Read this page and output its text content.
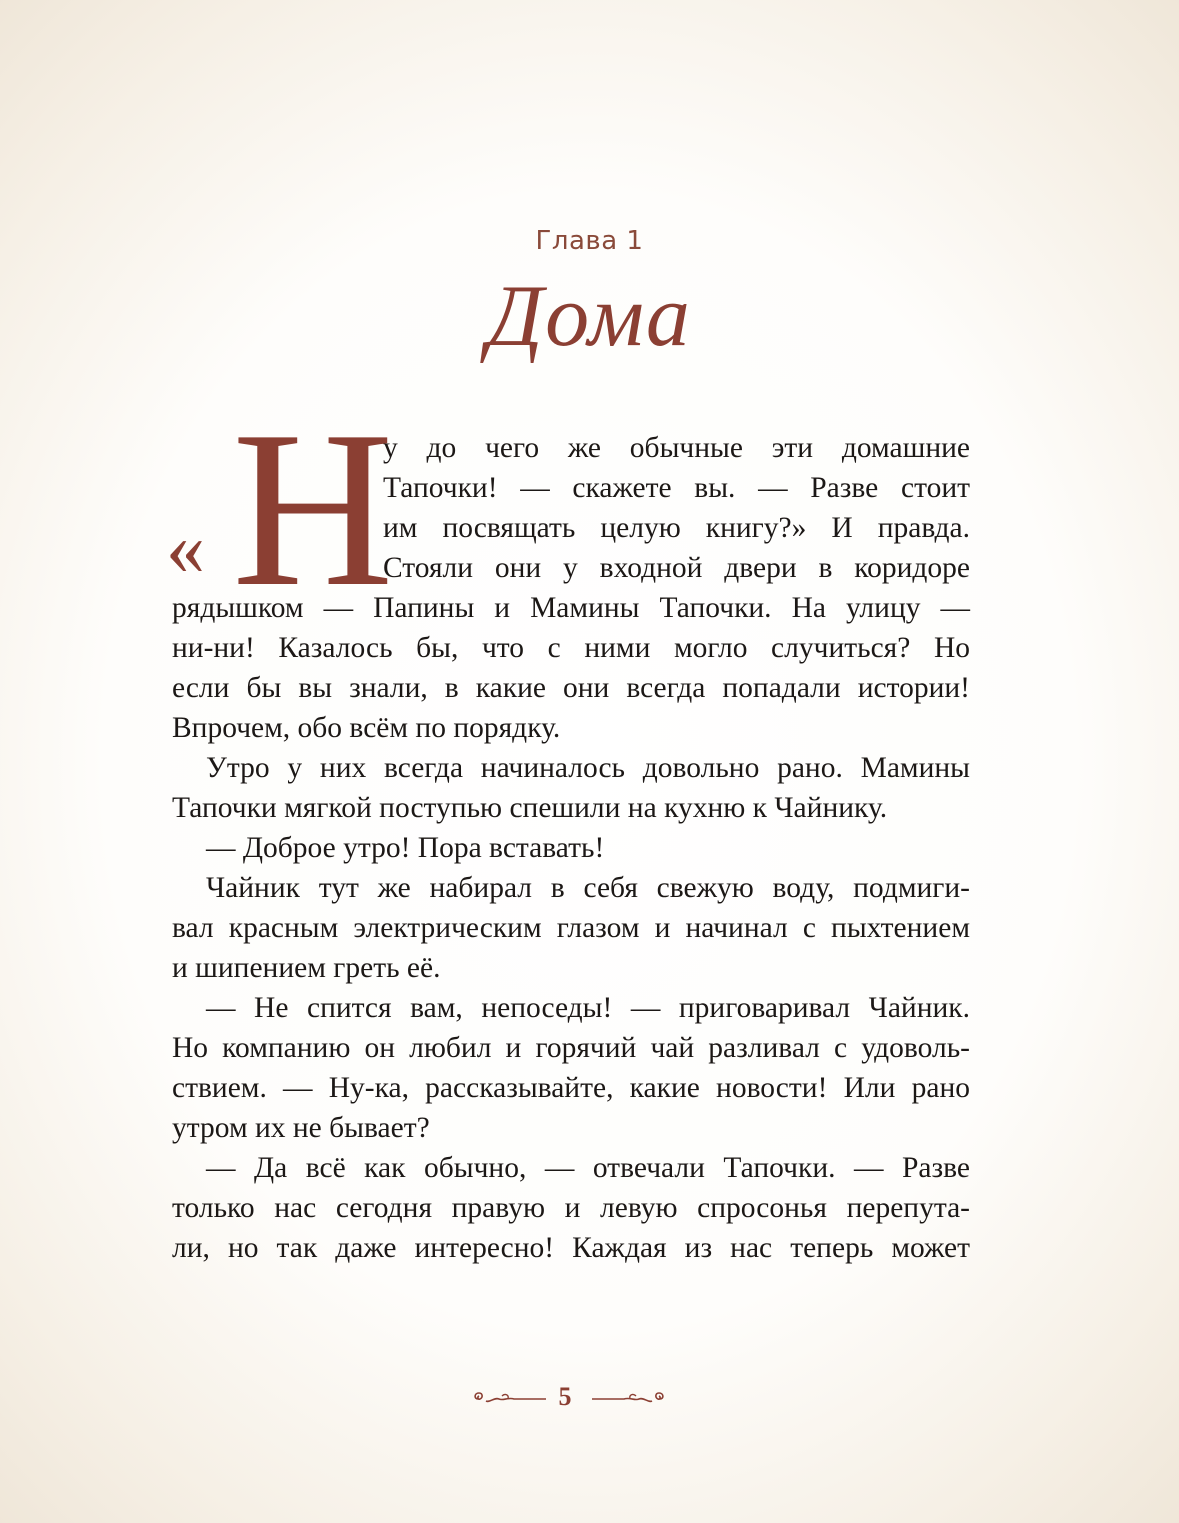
Глава 1
Дома
« Н
у до чего же обычные эти домашние
Тапочки! — скажете вы. — Разве стоит
им посвящать целую книгу?» И правда.
Стояли они у входной двери в коридоре
рядышком — Папины и Мамины Тапочки. На улицу —
ни-ни! Казалось бы, что с ними могло случиться? Но
если бы вы знали, в какие они всегда попадали истории!
Впрочем, обо всём по порядку.
Утро у них всегда начиналось довольно рано. Мамины
Тапочки мягкой поступью спешили на кухню к Чайнику.
— Доброе утро! Пора вставать!
Чайник тут же набирал в себя свежую воду, подмиги-
вал красным электрическим глазом и начинал с пыхтением
и шипением греть её.
— Не спится вам, непоседы! — приговаривал Чайник.
Но компанию он любил и горячий чай разливал с удоволь-
ствием. — Ну-ка, рассказывайте, какие новости! Или рано
утром их не бывает?
— Да всё как обычно, — отвечали Тапочки. — Разве
только нас сегодня правую и левую спросонья перепута-
ли, но так даже интересно! Каждая из нас теперь может
5
